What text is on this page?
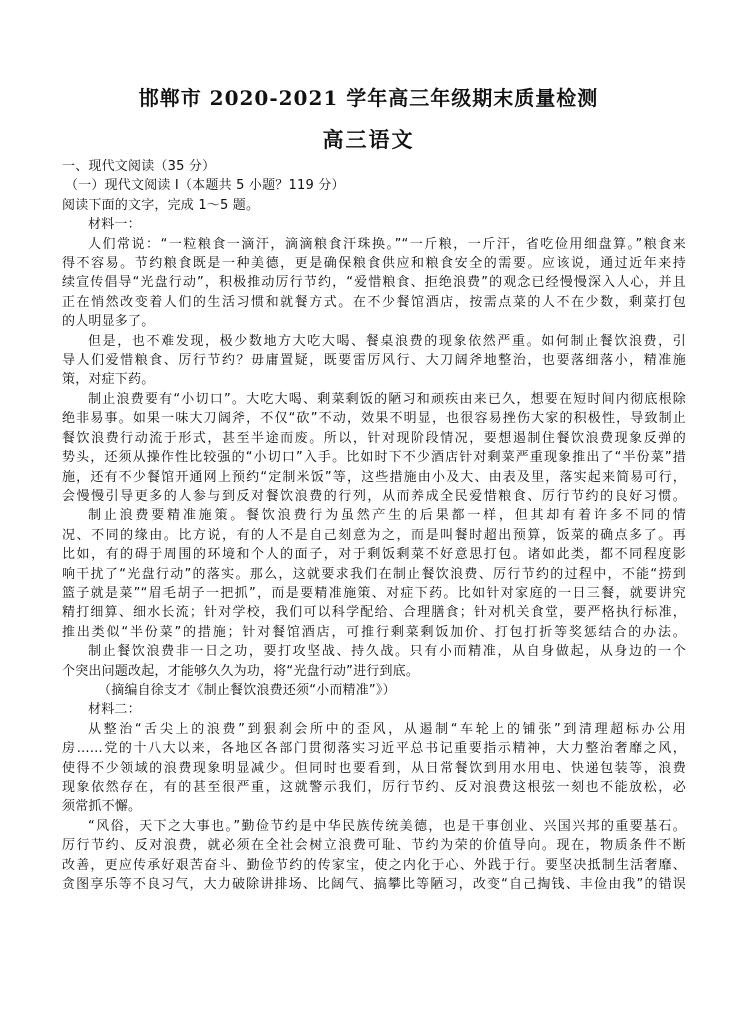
邯郸市 2020-2021 学年高三年级期末质量检测
高三语文
一、现代文阅读（35 分）
（一）现代文阅读 I（本题共 5 小题？119 分）
阅读下面的文字，完成 1～5 题。
材料一：
人们常说：“一粒粮食一滴汗，滴滴粮食汗珠换。”“一斤粮，一斤汗，省吃俭用细盘算。”粮食来
得不容易。节约粮食既是一种美德，更是确保粮食供应和粮食安全的需要。应该说，通过近年来持
续宣传倡导“光盘行动”，积极推动厉行节约，“爱惜粮食、拒绝浪费”的观念已经慢慢深入人心，并且
正在悄然改变着人们的生活习惯和就餐方式。在不少餐馆酒店，按需点菜的人不在少数，剩菜打包
的人明显多了。
但是，也不难发现，极少数地方大吃大喝、餐桌浪费的现象依然严重。如何制止餐饮浪费，引
导人们爱惜粮食、厉行节约？毋庸置疑，既要雷厉风行、大刀阔斧地整治，也要落细落小，精准施
策，对症下药。
制止浪费要有“小切口”。大吃大喝、剩菜剩饭的陋习和顽疾由来已久，想要在短时间内彻底根除
绝非易事。如果一味大刀阔斧，不仅“砍”不动，效果不明显，也很容易挫伤大家的积极性，导致制止
餐饮浪费行动流于形式，甚至半途而废。所以，针对现阶段情况，要想遏制住餐饮浪费现象反弹的
势头，还须从操作性比较强的“小切口”入手。比如时下不少酒店针对剩菜严重现象推出了“半份菜”措
施，还有不少餐馆开通网上预约“定制米饭”等，这些措施由小及大、由表及里，落实起来简易可行，
会慢慢引导更多的人参与到反对餐饮浪费的行列，从而养成全民爱惜粮食、厉行节约的良好习惯。
制止浪费要精准施策。餐饮浪费行为虽然产生的后果都一样，但其却有着许多不同的情
况、不同的缘由。比方说，有的人不是自己刻意为之，而是叫餐时超出预算，饭菜的确点多了。再
比如，有的碍于周围的环境和个人的面子，对于剩饭剩菜不好意思打包。诸如此类，都不同程度影
响干扰了“光盘行动”的落实。那么，这就要求我们在制止餐饮浪费、厉行节约的过程中，不能“捞到
篮子就是菜”“眉毛胡子一把抓”，而是要精准施策、对症下药。比如针对家庭的一日三餐，就要讲究
精打细算、细水长流；针对学校，我们可以科学配给、合理膳食；针对机关食堂，要严格执行标准，
推出类似“半份菜”的措施；针对餐馆酒店，可推行剩菜剩饭加价、打包打折等奖惩结合的办法。
制止餐饮浪费非一日之功，要打攻坚战、持久战。只有小而精准，从自身做起，从身边的一个
个突出问题改起，才能够久久为功，将“光盘行动”进行到底。
（摘编自徐支才《制止餐饮浪费还须“小而精准”》）
材料二：
从整治“舌尖上的浪费”到狠刹会所中的歪风，从遏制“车轮上的铺张”到清理超标办公用
房……党的十八大以来，各地区各部门贯彻落实习近平总书记重要指示精神，大力整治奢靡之风，
使得不少领域的浪费现象明显减少。但同时也要看到，从日常餐饮到用水用电、快递包装等，浪费
现象依然存在，有的甚至很严重，这就警示我们，厉行节约、反对浪费这根弦一刻也不能放松，必
须常抓不懈。
“风俗，天下之大事也。”勤俭节约是中华民族传统美德，也是干事创业、兴国兴邦的重要基石。
厉行节约、反对浪费，就必须在全社会树立浪费可耻、节约为荣的价值导向。现在，物质条件不断
改善，更应传承好艰苦奋斗、勤俭节约的传家宝，使之内化于心、外践于行。要坚决抵制生活奢靡、
贪图享乐等不良习气，大力破除讲排场、比阔气、搞攀比等陋习，改变“自己掏钱、丰俭由我”的错误
